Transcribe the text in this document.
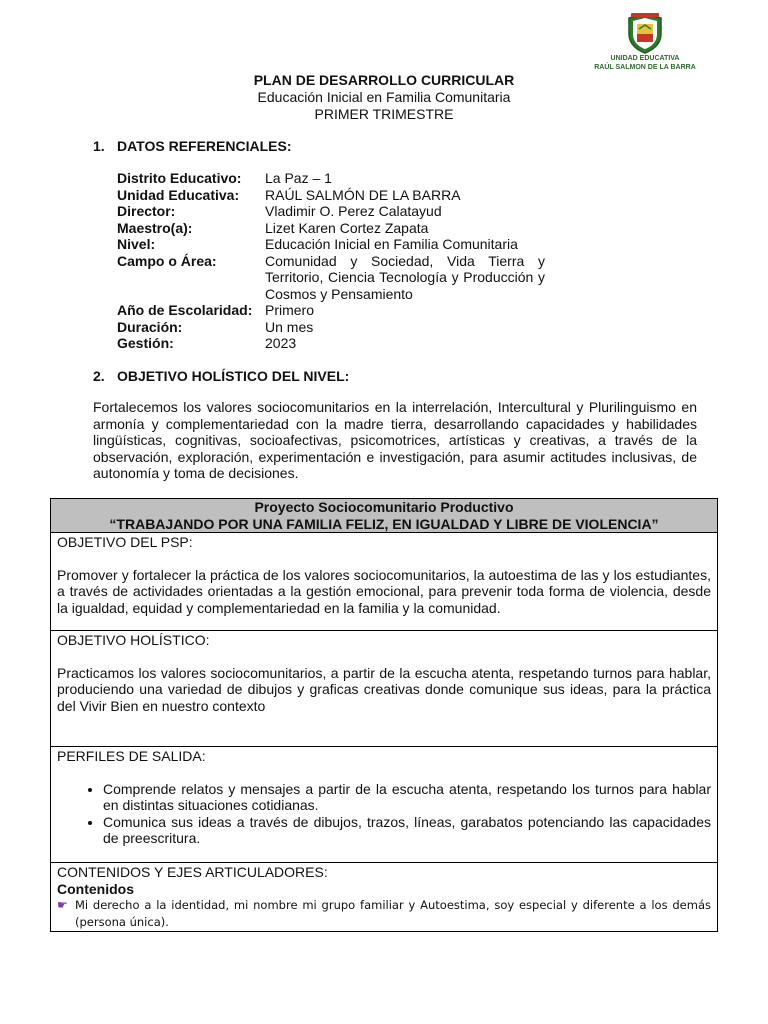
UNIDAD EDUCATIVA
RAÚL SALMON DE LA BARRA
PLAN DE DESARROLLO CURRICULAR
Educación Inicial en Familia Comunitaria
PRIMER TRIMESTRE
1. DATOS REFERENCIALES:
Distrito Educativo:	La Paz – 1
Unidad Educativa:	RAÚL SALMÓN DE LA BARRA
Director:	Vladimir O. Perez Calatayud
Maestro(a):	Lizet Karen Cortez Zapata
Nivel:	Educación Inicial en Familia Comunitaria
Campo o Área:	Comunidad y Sociedad, Vida Tierra y Territorio, Ciencia Tecnología y Producción y Cosmos y Pensamiento
Año de Escolaridad: Primero
Duración:	Un mes
Gestión:	2023
2. OBJETIVO HOLÍSTICO DEL NIVEL:
Fortalecemos los valores sociocomunitarios en la interrelación, Intercultural y Plurilinguismo en armonía y complementariedad con la madre tierra, desarrollando capacidades y habilidades lingüísticas, cognitivas, socioafectivas, psicomotrices, artísticas y creativas, a través de la observación, exploración, experimentación e investigación, para asumir actitudes inclusivas, de autonomía y toma de decisiones.
Proyecto Sociocomunitario Productivo
“TRABAJANDO POR UNA FAMILIA FELIZ, EN IGUALDAD Y LIBRE DE VIOLENCIA”

OBJETIVO DEL PSP:

Promover y fortalecer la práctica de los valores sociocomunitarios, la autoestima de las y los estudiantes, a través de actividades orientadas a la gestión emocional, para prevenir toda forma de violencia, desde la igualdad, equidad y complementariedad en la familia y la comunidad.

OBJETIVO HOLÍSTICO:

Practicamos los valores sociocomunitarios, a partir de la escucha atenta, respetando turnos para hablar, produciendo una variedad de dibujos y graficas creativas donde comunique sus ideas, para la práctica del Vivir Bien en nuestro contexto

PERFILES DE SALIDA:

• Comprende relatos y mensajes a partir de la escucha atenta, respetando los turnos para hablar en distintas situaciones cotidianas.
• Comunica sus ideas a través de dibujos, trazos, líneas, garabatos potenciando las capacidades de preescritura.

CONTENIDOS Y EJES ARTICULADORES:

Contenidos

☛ Mi derecho a la identidad, mi nombre mi grupo familiar y Autoestima, soy especial y diferente a los demás (persona única).
